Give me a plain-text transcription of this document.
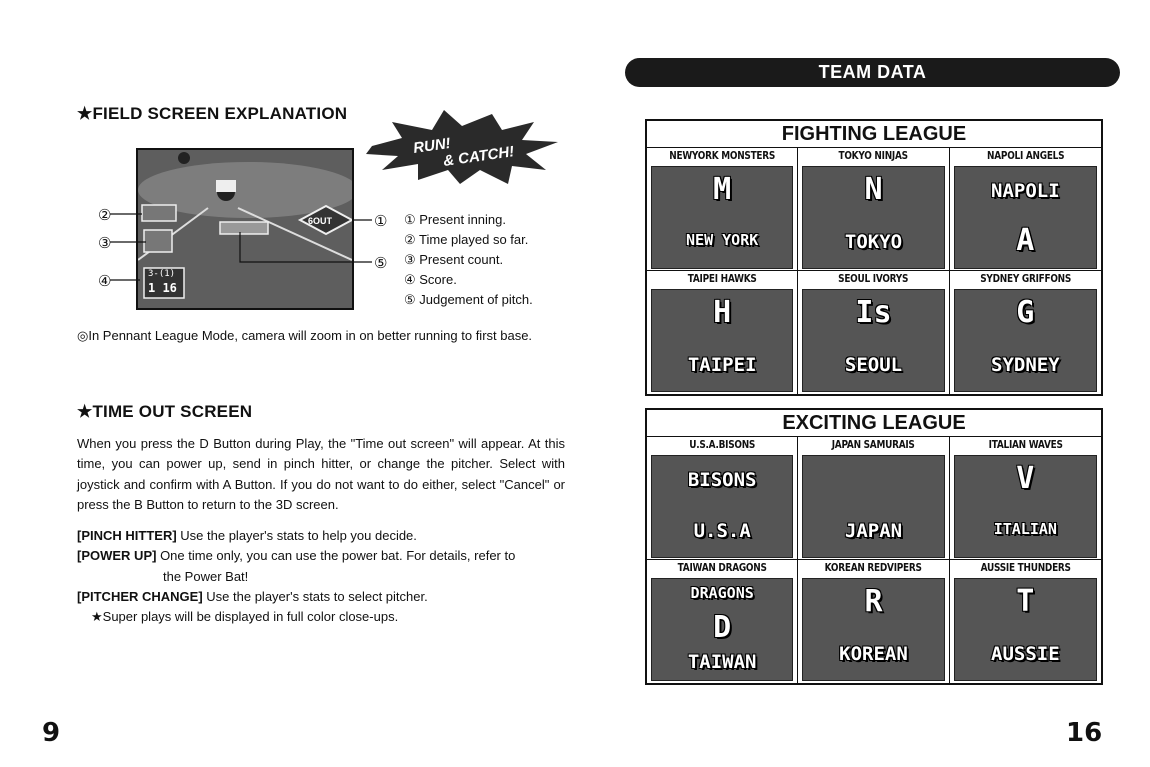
★FIELD SCREEN EXPLANATION
RUN!
& CATCH!
6OUT
3-(1)
1 16
②
③
④
①
⑤
① Present inning.
② Time played so far.
③ Present count.
④ Score.
⑤ Judgement of pitch.
◎In Pennant League Mode, camera will zoom in on better running to first base.
★TIME OUT SCREEN
When you press the D Button during Play, the "Time out screen" will appear. At this time, you can power up, send in pinch hitter, or change the pitcher. Select with joystick and confirm with A Button. If you do not want to do either, select "Cancel" or press the B Button to return to the 3D screen.
[PINCH HITTER] Use the player's stats to help you decide.
[POWER UP] One time only, you can use the power bat. For details, refer to
the Power Bat!
[PITCHER CHANGE] Use the player's stats to select pitcher.
★Super plays will be displayed in full color close-ups.
9
TEAM DATA
FIGHTING LEAGUE
NEWYORK MONSTERS
M
NEW YORK
TOKYO NINJAS
N
TOKYO
NAPOLI ANGELS
NAPOLI
A
TAIPEI HAWKS
H
TAIPEI
SEOUL IVORYS
Is
SEOUL
SYDNEY GRIFFONS
G
SYDNEY
EXCITING LEAGUE
U.S.A.BISONS
BISONS
U.S.A
JAPAN SAMURAIS
JAPAN
ITALIAN WAVES
V
ITALIAN
TAIWAN DRAGONS
DRAGONS
D
TAIWAN
KOREAN REDVIPERS
R
KOREAN
AUSSIE THUNDERS
T
AUSSIE
16
